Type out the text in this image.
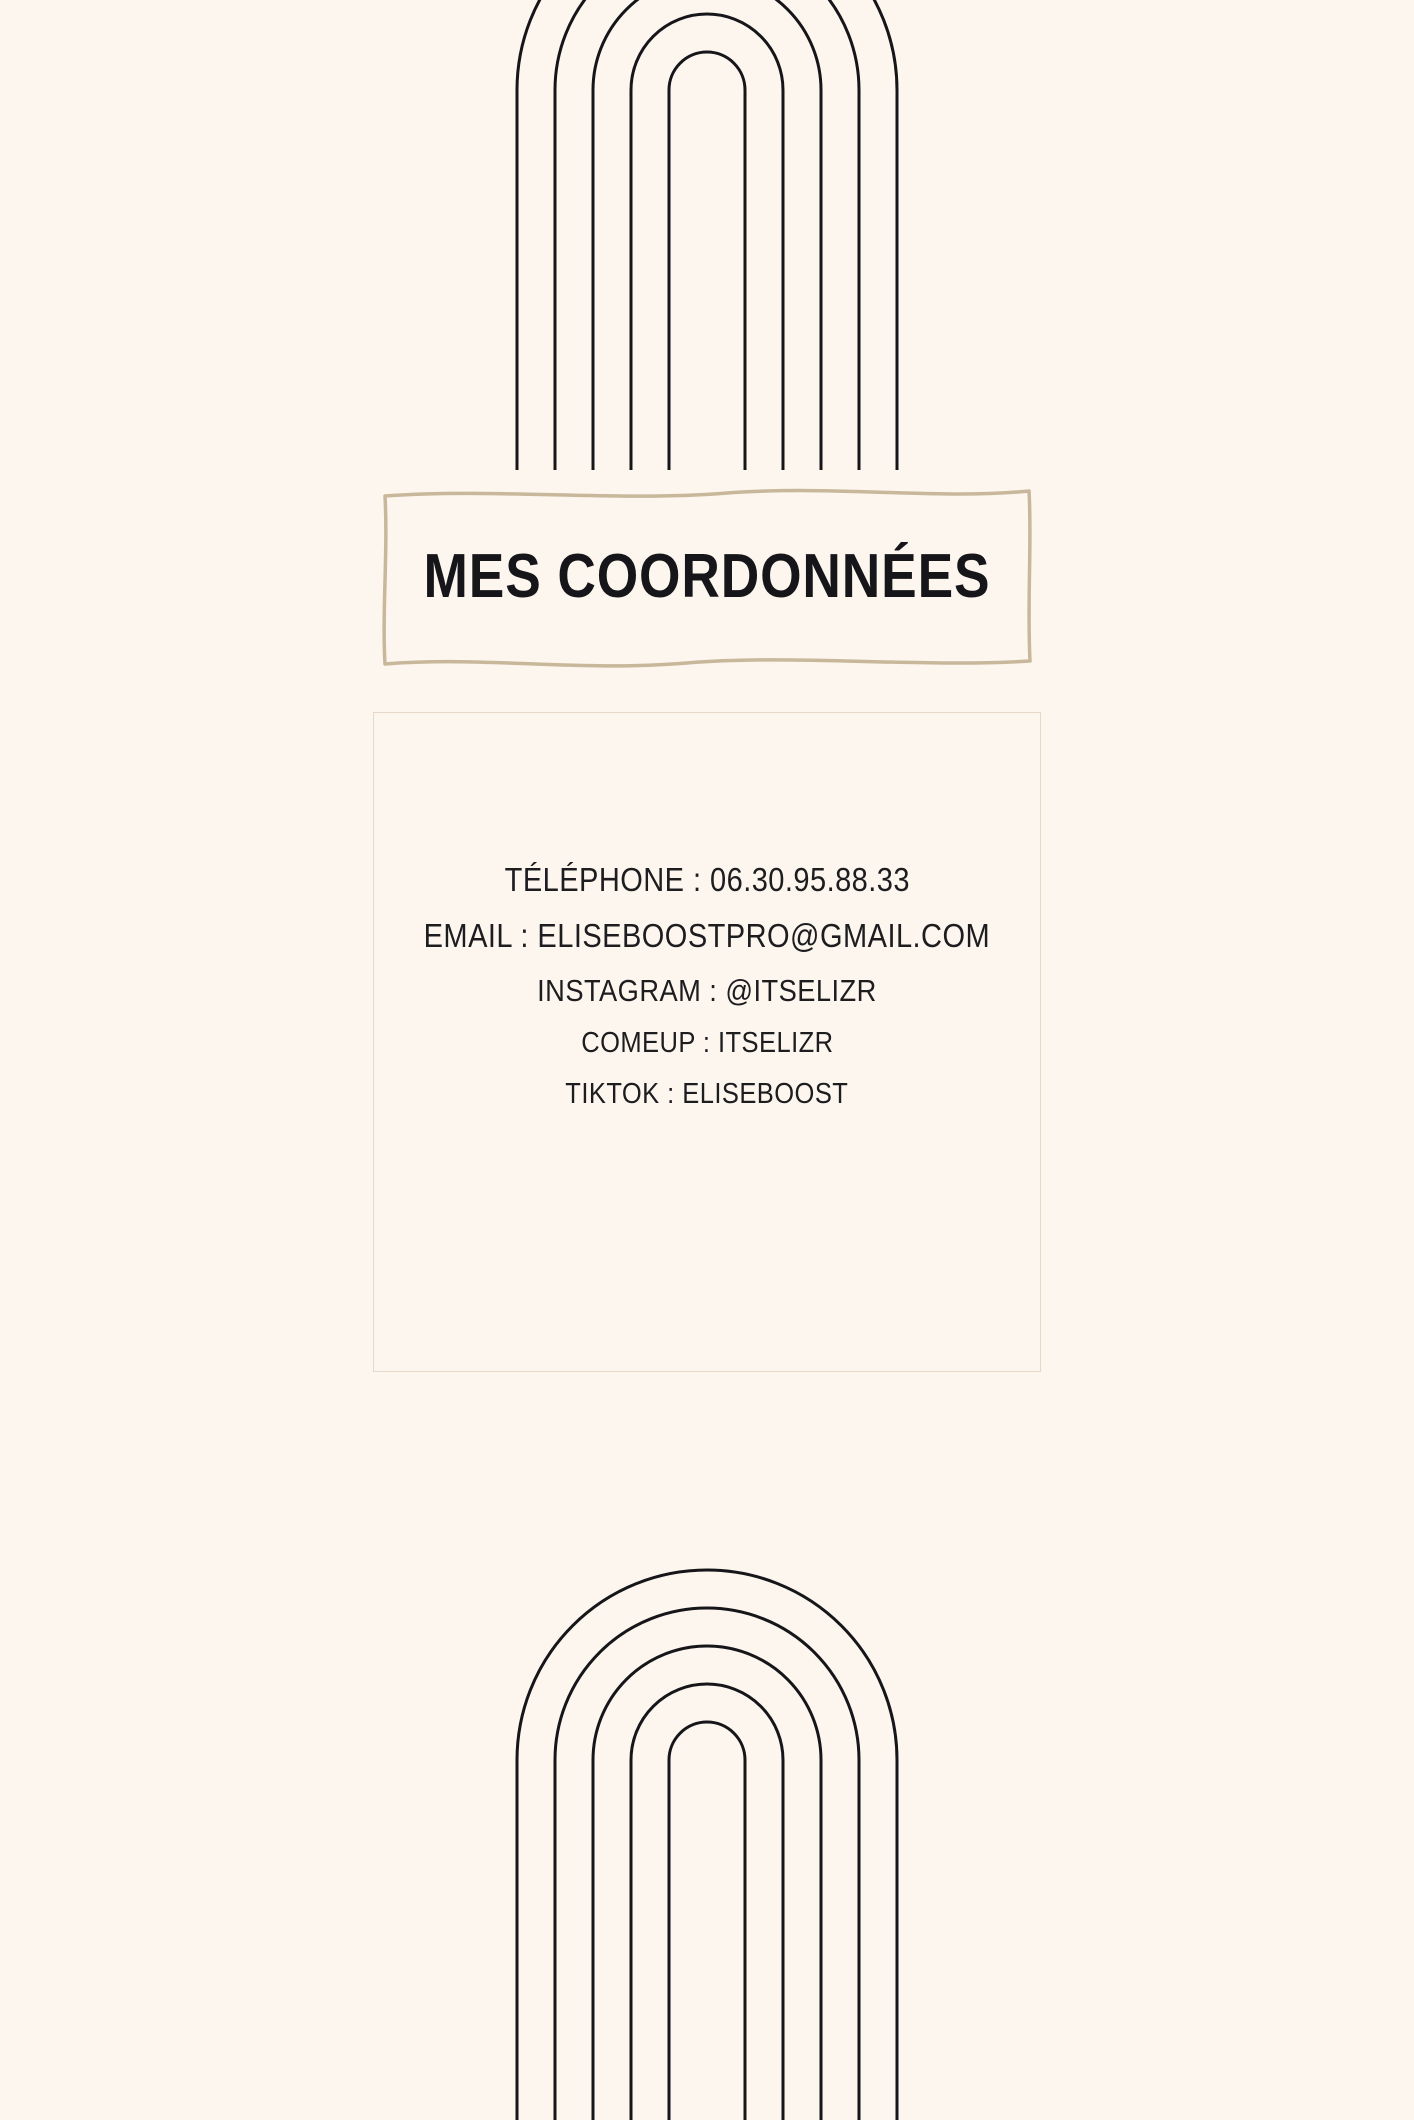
MES COORDONNÉES
TÉLÉPHONE : 06.30.95.88.33
EMAIL : ELISEBOOSTPRO@GMAIL.COM
INSTAGRAM : @ITSELIZR
COMEUP : ITSELIZR
TIKTOK : ELISEBOOST
